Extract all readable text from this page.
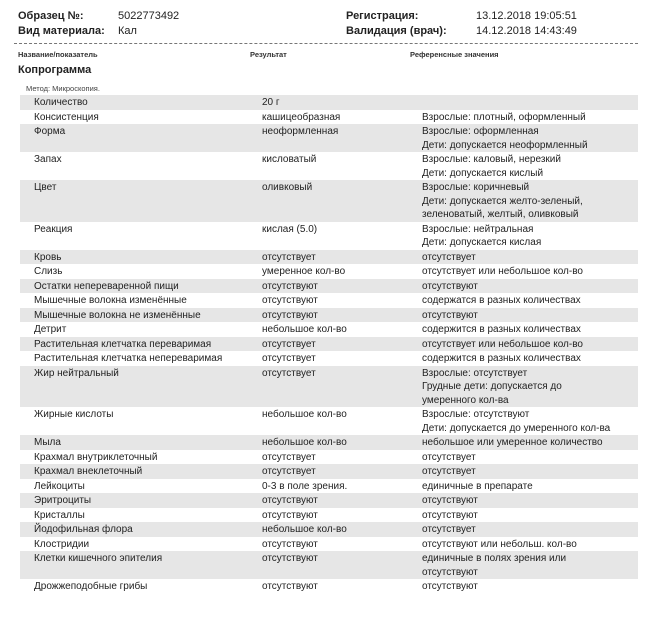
Образец №:	5022773492
Вид материала: Кал
Регистрация:	13.12.2018 19:05:51
Валидация (врач):	14.12.2018 14:43:49
Название/показатель	Результат	Референсные значения
Копрограмма
Метод: Микроскопия.
Количество	20 г	

Консистенция	кашицеобразная	Взрослые: плотный, оформленный

Форма	неоформленная	Взрослые: оформленная
Дети: допускается неоформленный

Запах	кисловатый	Взрослые: каловый, нерезкий
Дети: допускается кислый

Цвет	оливковый	Взрослые: коричневый
Дети: допускается желто-зеленый,
зеленоватый, желтый, оливковый

Реакция	кислая (5.0)	Взрослые: нейтральная
Дети: допускается кислая

Кровь	отсутствует	отсутствует

Слизь	умеренное кол-во	отсутствует или небольшое кол-во

Остатки непереваренной пищи	отсутствуют	отсутствуют

Мышечные волокна изменённые	отсутствуют	содержатся в разных количествах

Мышечные волокна не изменённые	отсутствуют	отсутствуют

Детрит	небольшое кол-во	содержится в разных количествах

Растительная клетчатка переваримая	отсутствует	отсутствует или небольшое кол-во

Растительная клетчатка непереваримая	отсутствует	содержится в разных количествах

Жир нейтральный	отсутствует	Взрослые: отсутствует
Грудные дети: допускается до
умеренного кол-ва

Жирные кислоты	небольшое кол-во	Взрослые: отсутствуют
Дети: допускается до умеренного кол-ва

Мыла	небольшое кол-во	небольшое или умеренное количество

Крахмал внутриклеточный	отсутствует	отсутствует

Крахмал внеклеточный	отсутствует	отсутствует

Лейкоциты	0-3 в поле зрения.	единичные в препарате

Эритроциты	отсутствуют	отсутствуют

Кристаллы	отсутствуют	отсутствуют

Йодофильная флора	небольшое кол-во	отсутствует

Клостридии	отсутствуют	отсутствуют или небольш. кол-во

Клетки кишечного эпителия	отсутствуют	единичные в полях зрения или
отсутствуют

Дрожжеподобные грибы	отсутствуют	отсутствуют
